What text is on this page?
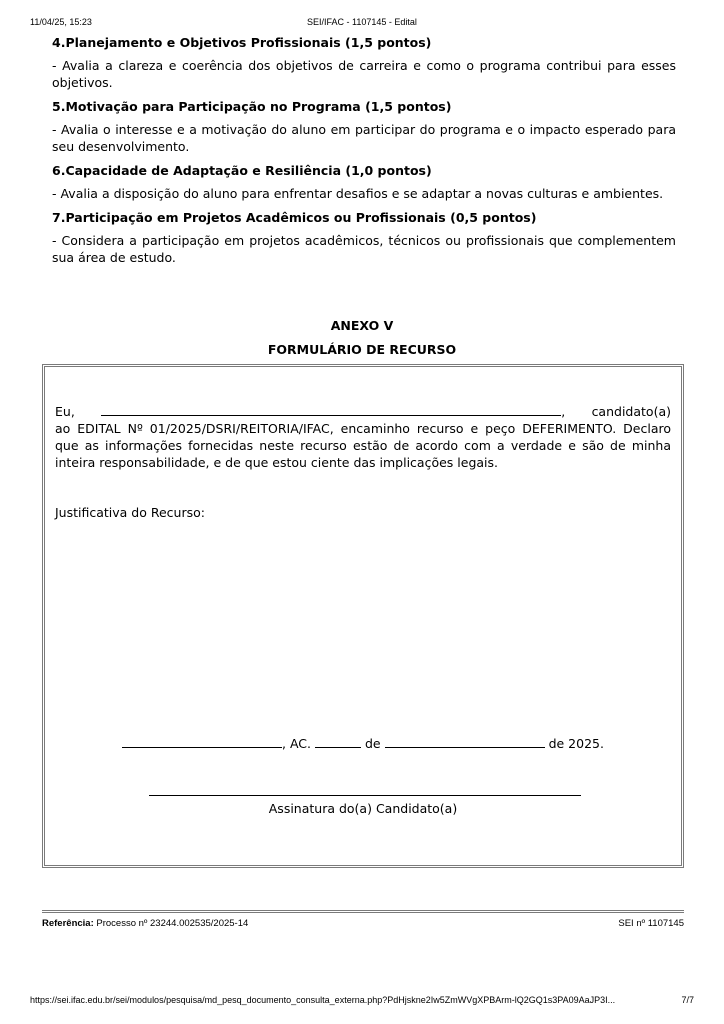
11/04/25, 15:23	SEI/IFAC - 1107145 - Edital

4.Planejamento e Objetivos Profissionais (1,5 pontos)

- Avalia a clareza e coerência dos objetivos de carreira e como o programa contribui para esses objetivos.

5.Motivação para Participação no Programa (1,5 pontos)

- Avalia o interesse e a motivação do aluno em participar do programa e o impacto esperado para seu desenvolvimento.

6.Capacidade de Adaptação e Resiliência (1,0 pontos)

- Avalia a disposição do aluno para enfrentar desafios e se adaptar a novas culturas e ambientes.

7.Participação em Projetos Acadêmicos ou Profissionais (0,5 pontos)

- Considera a participação em projetos acadêmicos, técnicos ou profissionais que complementem sua área de estudo.

ANEXO V
FORMULÁRIO DE RECURSO
Eu,	, candidato(a)
ao EDITAL Nº 01/2025/DSRI/REITORIA/IFAC, encaminho recurso e peço DEFERIMENTO. Declaro que as informações fornecidas neste recurso estão de acordo com a verdade e são de minha inteira responsabilidade, e de que estou ciente das implicações legais.
Justificativa do Recurso:
, AC.	de	de 2025.
Assinatura do(a) Candidato(a)
Referência: Processo nº 23244.002535/2025-14	SEI nº 1107145
https://sei.ifac.edu.br/sei/modulos/pesquisa/md_pesq_documento_consulta_externa.php?PdHjskne2Iw5ZmWVgXPBArm-lQ2GQ1s3PA09AaJP3I...	7/7
